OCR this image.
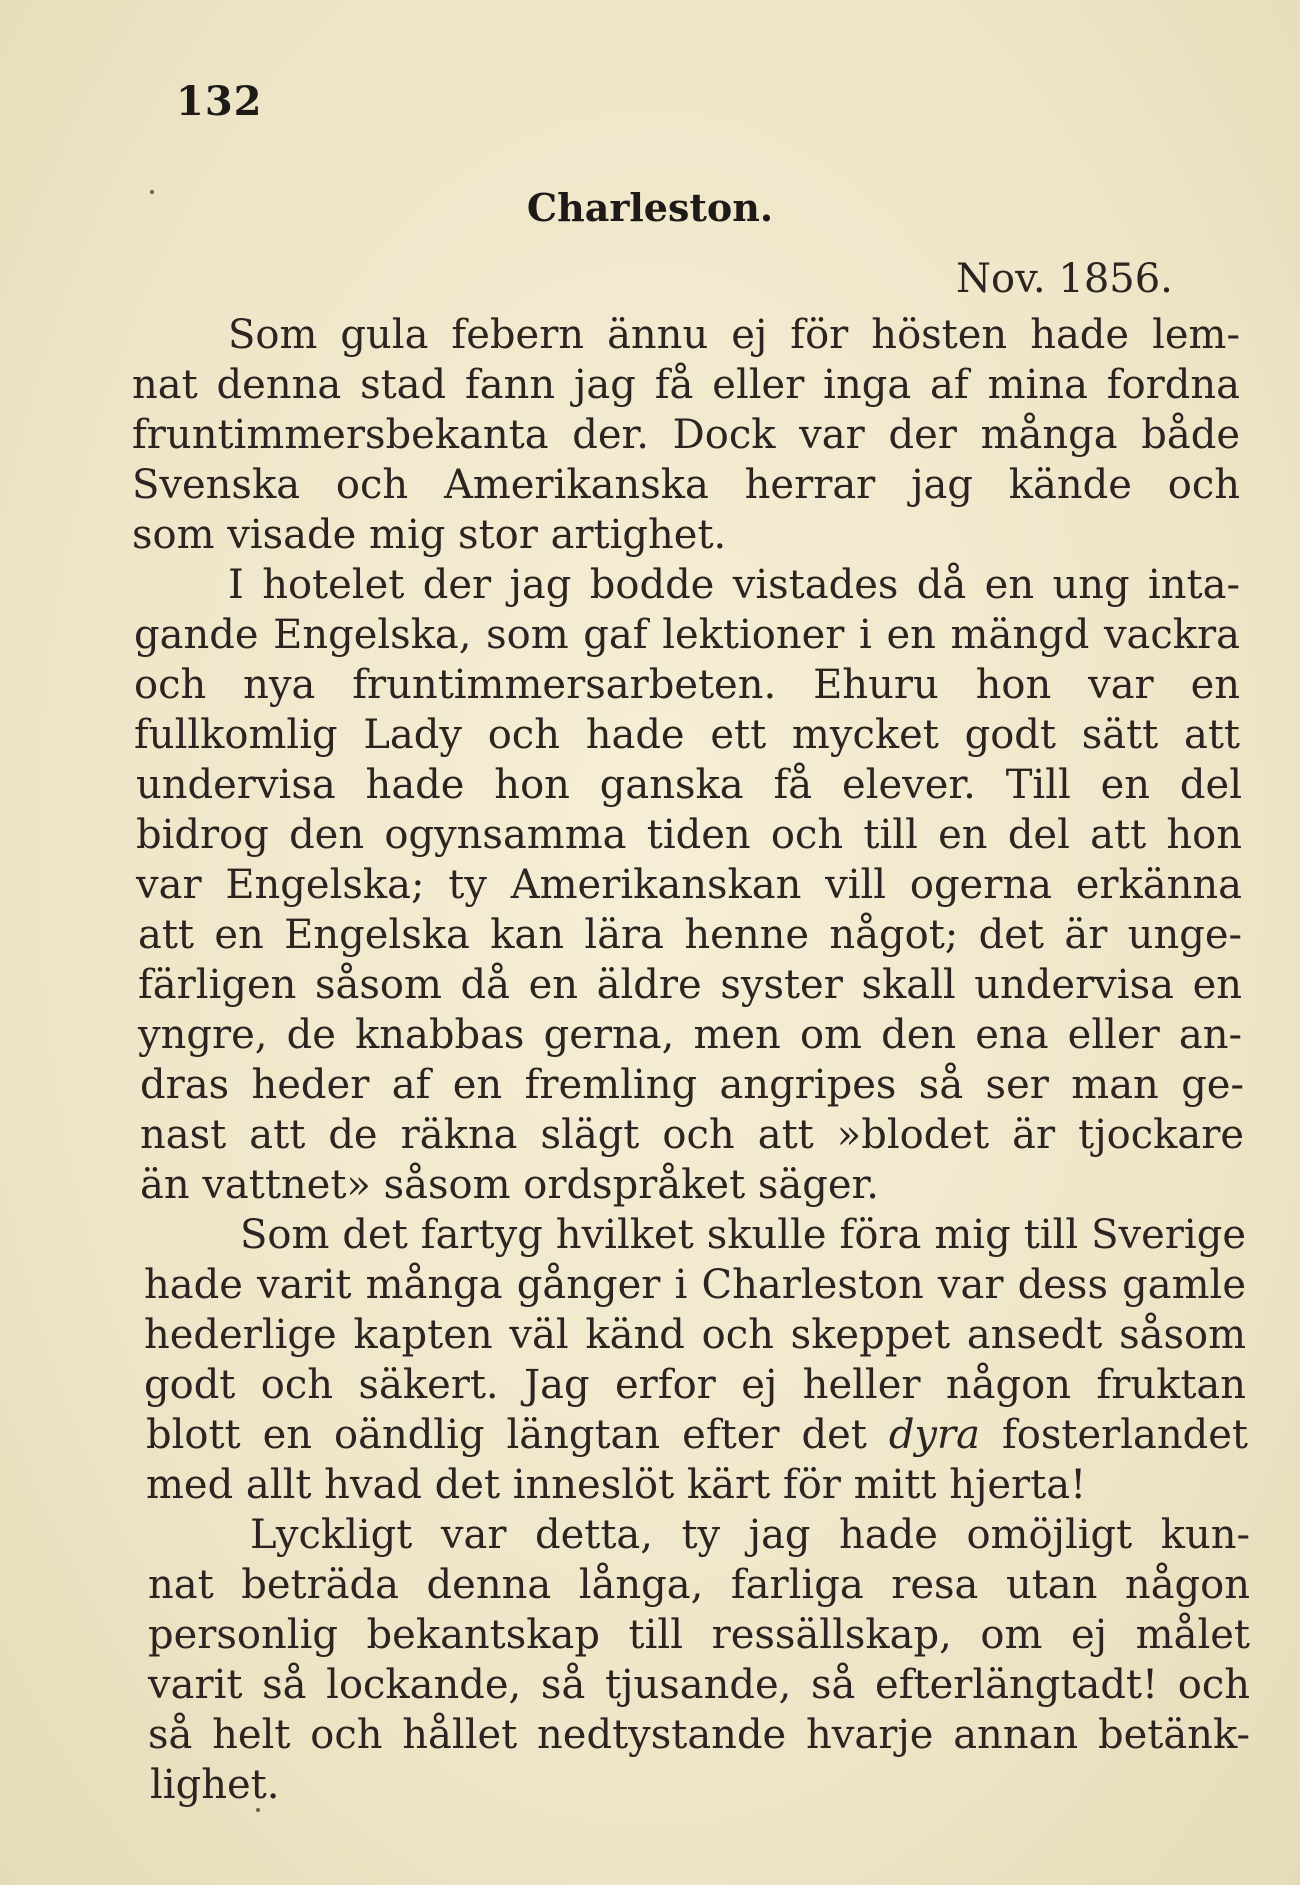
132
Charleston.
Nov. 1856.
Som gula febern ännu ej för hösten hade lem-
nat denna stad fann jag få eller inga af mina fordna
fruntimmersbekanta der. Dock var der många både
Svenska och Amerikanska herrar jag kände och
som visade mig stor artighet.
I hotelet der jag bodde vistades då en ung inta-
gande Engelska, som gaf lektioner i en mängd vackra
och nya fruntimmersarbeten. Ehuru hon var en
fullkomlig Lady och hade ett mycket godt sätt att
undervisa hade hon ganska få elever. Till en del
bidrog den ogynsamma tiden och till en del att hon
var Engelska; ty Amerikanskan vill ogerna erkänna
att en Engelska kan lära henne något; det är unge-
färligen såsom då en äldre syster skall undervisa en
yngre, de knabbas gerna, men om den ena eller an-
dras heder af en fremling angripes så ser man ge-
nast att de räkna slägt och att »blodet är tjockare
än vattnet» såsom ordspråket säger.
Som det fartyg hvilket skulle föra mig till Sverige
hade varit många gånger i Charleston var dess gamle
hederlige kapten väl känd och skeppet ansedt såsom
godt och säkert. Jag erfor ej heller någon fruktan
blott en oändlig längtan efter det dyra fosterlandet
med allt hvad det inneslöt kärt för mitt hjerta!
Lyckligt var detta, ty jag hade omöjligt kun-
nat beträda denna långa, farliga resa utan någon
personlig bekantskap till ressällskap, om ej målet
varit så lockande, så tjusande, så efterlängtadt! och
så helt och hållet nedtystande hvarje annan betänk-
lighet.
